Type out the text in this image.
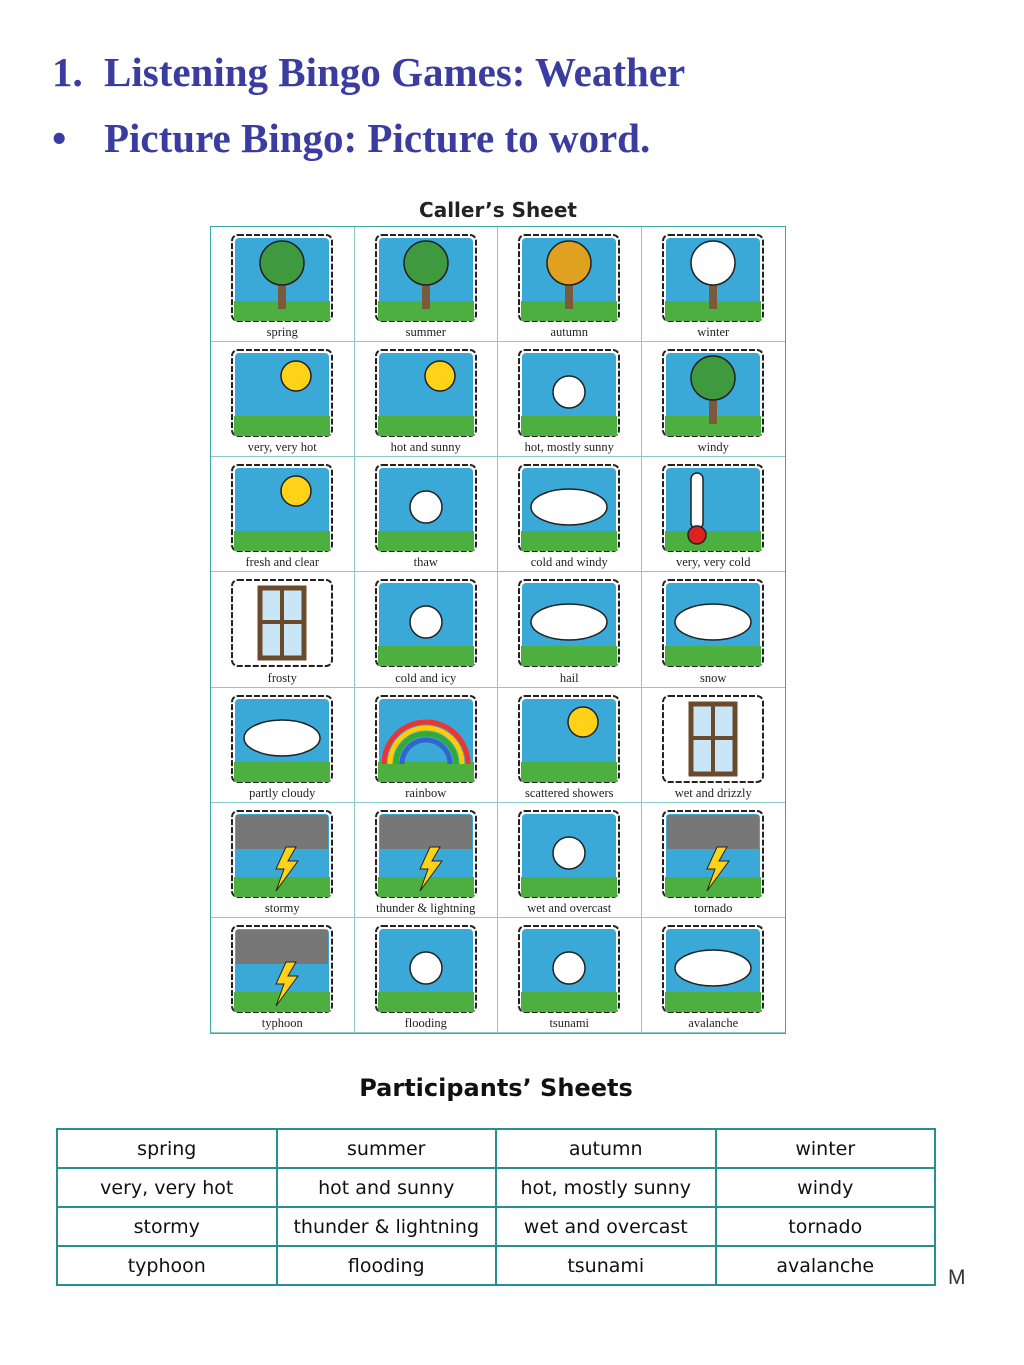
1. Listening Bingo Games: Weather
• Picture Bingo: Picture to word.
Caller’s Sheet
spring	summer	autumn	winter
very, very hot	hot and sunny	hot, mostly sunny	windy
fresh and clear	thaw	cold and windy	very, very cold
frosty	cold and icy	hail	snow
partly cloudy	rainbow	scattered showers	wet and drizzly
stormy	thunder & lightning	wet and overcast	tornado
typhoon	flooding	tsunami	avalanche
Participants’ Sheets
spring	summer	autumn	winter
very, very hot	hot and sunny	hot, mostly sunny	windy
stormy	thunder & lightning	wet and overcast	tornado
typhoon	flooding	tsunami	avalanche
M
